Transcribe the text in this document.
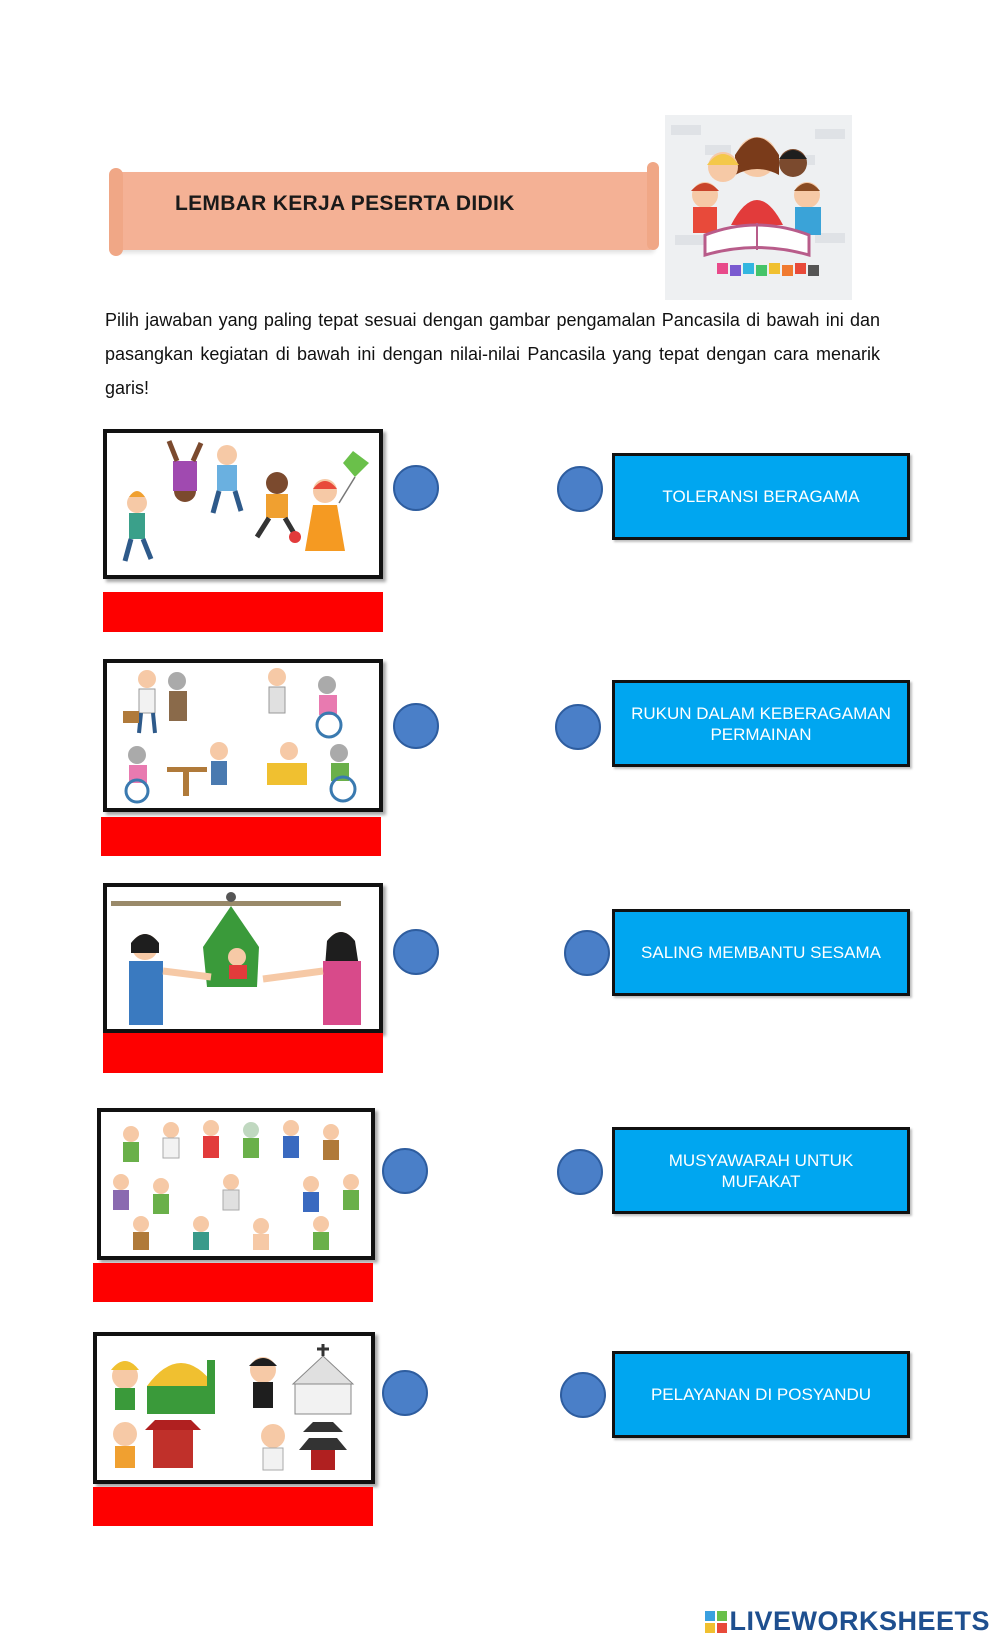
LEMBAR KERJA PESERTA DIDIK
Pilih jawaban yang paling tepat sesuai dengan gambar pengamalan Pancasila di bawah ini dan pasangkan kegiatan di bawah ini dengan nilai-nilai Pancasila yang tepat dengan cara menarik garis!
TOLERANSI BERAGAMA
RUKUN DALAM KEBERAGAMAN PERMAINAN
SALING MEMBANTU SESAMA
MUSYAWARAH UNTUK MUFAKAT
PELAYANAN DI POSYANDU
LIVEWORKSHEETS
